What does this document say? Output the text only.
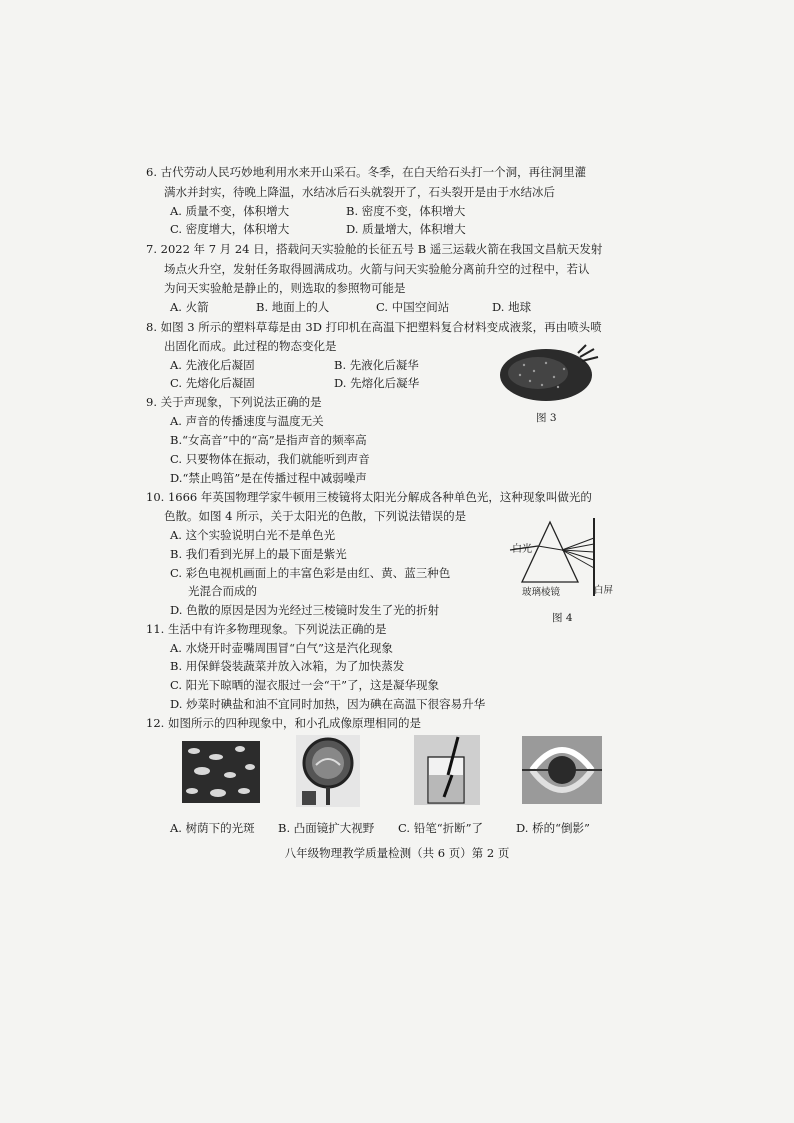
6. 古代劳动人民巧妙地利用水来开山采石。冬季，在白天给石头打一个洞，再往洞里灌
满水并封实，待晚上降温，水结冰后石头就裂开了，石头裂开是由于水结冰后
A. 质量不变，体积增大	B. 密度不变，体积增大
C. 密度增大，体积增大	D. 质量增大，体积增大
7. 2022 年 7 月 24 日，搭载问天实验舱的长征五号 B 遥三运载火箭在我国文昌航天发射
场点火升空，发射任务取得圆满成功。火箭与问天实验舱分离前升空的过程中，若认
为问天实验舱是静止的，则选取的参照物可能是
A. 火箭	B. 地面上的人	C. 中国空间站	D. 地球
8. 如图 3 所示的塑料草莓是由 3D 打印机在高温下把塑料复合材料变成液浆，再由喷头喷
出固化而成。此过程的物态变化是
A. 先液化后凝固	B. 先液化后凝华
C. 先熔化后凝固	D. 先熔化后凝华
图 3
9. 关于声现象，下列说法正确的是
A. 声音的传播速度与温度无关
B.“女高音”中的“高”是指声音的频率高
C. 只要物体在振动，我们就能听到声音
D.“禁止鸣笛”是在传播过程中减弱噪声
10. 1666 年英国物理学家牛顿用三棱镜将太阳光分解成各种单色光，这种现象叫做光的
色散。如图 4 所示，关于太阳光的色散，下列说法错误的是
A. 这个实验说明白光不是单色光
B. 我们看到光屏上的最下面是紫光
C. 彩色电视机画面上的丰富色彩是由红、黄、蓝三种色
光混合而成的
D. 色散的原因是因为光经过三棱镜时发生了光的折射
白光
玻璃棱镜	白屏
图 4
11. 生活中有许多物理现象。下列说法正确的是
A. 水烧开时壶嘴周围冒“白气”这是汽化现象
B. 用保鲜袋装蔬菜并放入冰箱，为了加快蒸发
C. 阳光下晾晒的湿衣服过一会“干”了，这是凝华现象
D. 炒菜时碘盐和油不宜同时加热，因为碘在高温下很容易升华
12. 如图所示的四种现象中，和小孔成像原理相同的是
A. 树荫下的光斑 B. 凸面镜扩大视野 C. 铅笔“折断”了	D. 桥的“倒影”
八年级物理教学质量检测（共 6 页）第 2 页
